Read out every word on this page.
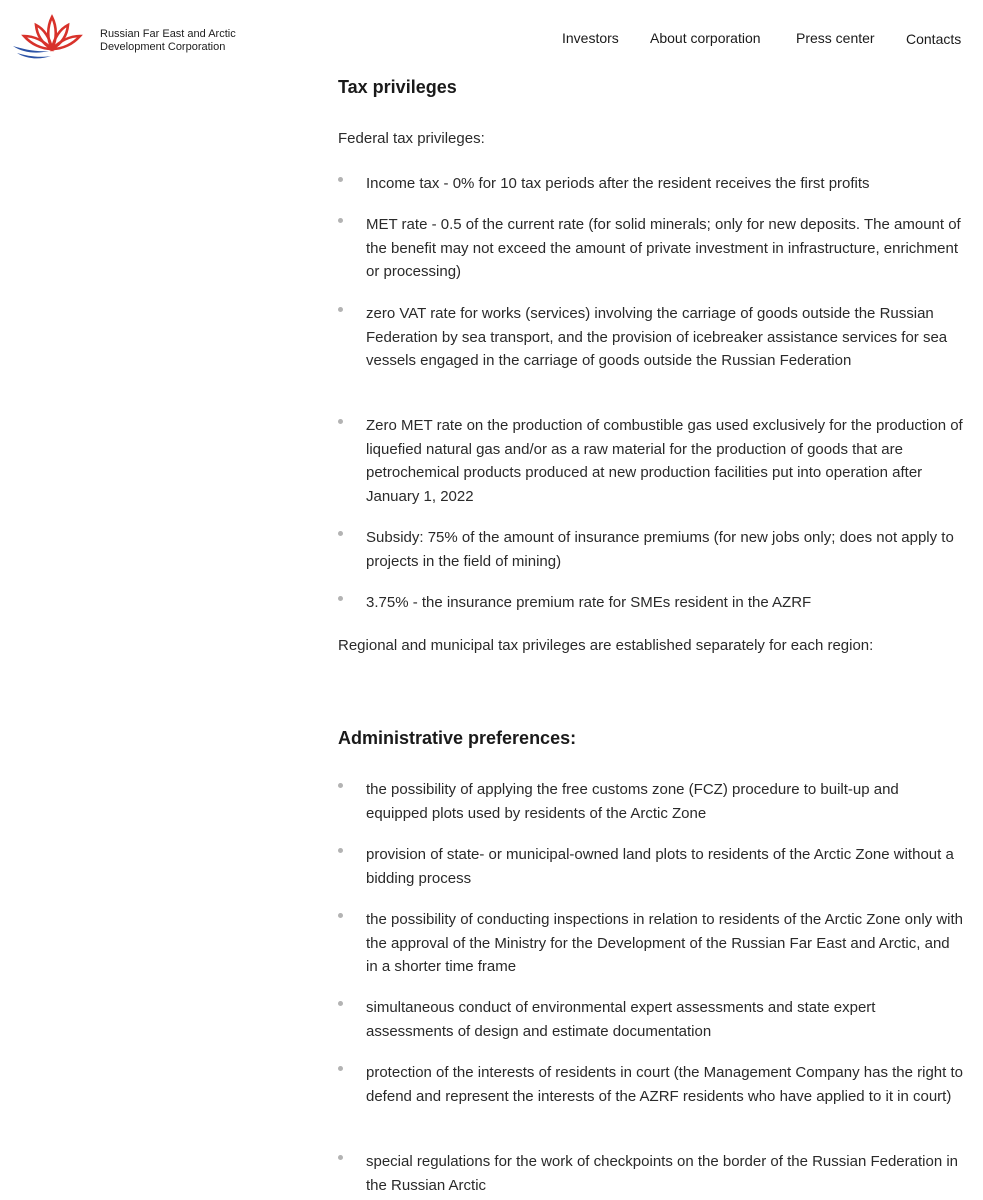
Russian Far East and Arctic
Development Corporation
Investors About corporation	Press center Contacts
Tax privileges

Federal tax privileges:

Income tax - 0% for 10 tax periods after the resident receives the first profits
MET rate - 0.5 of the current rate (for solid minerals; only for new deposits. The amount of the benefit may not exceed the amount of private investment in infrastructure, enrichment or processing)
zero VAT rate for works (services) involving the carriage of goods outside the Russian Federation by sea transport, and the provision of icebreaker assistance services for sea vessels engaged in the carriage of goods outside the Russian Federation
Zero MET rate on the production of combustible gas used exclusively for the production of liquefied natural gas and/or as a raw material for the production of goods that are petrochemical products produced at new production facilities put into operation after January 1, 2022
Subsidy: 75% of the amount of insurance premiums (for new jobs only; does not apply to projects in the field of mining)
3.75% - the insurance premium rate for SMEs resident in the AZRF

Regional and municipal tax privileges are established separately for each region:

Administrative preferences:
the possibility of applying the free customs zone (FCZ) procedure to built-up and equipped plots used by residents of the Arctic Zone
provision of state- or municipal-owned land plots to residents of the Arctic Zone without a bidding process
the possibility of conducting inspections in relation to residents of the Arctic Zone only with the approval of the Ministry for the Development of the Russian Far East and Arctic, and in a shorter time frame
simultaneous conduct of environmental expert assessments and state expert assessments of design and estimate documentation
protection of the interests of residents in court (the Management Company has the right to defend and represent the interests of the AZRF residents who have applied to it in court)
special regulations for the work of checkpoints on the border of the Russian Federation in the Russian Arctic
